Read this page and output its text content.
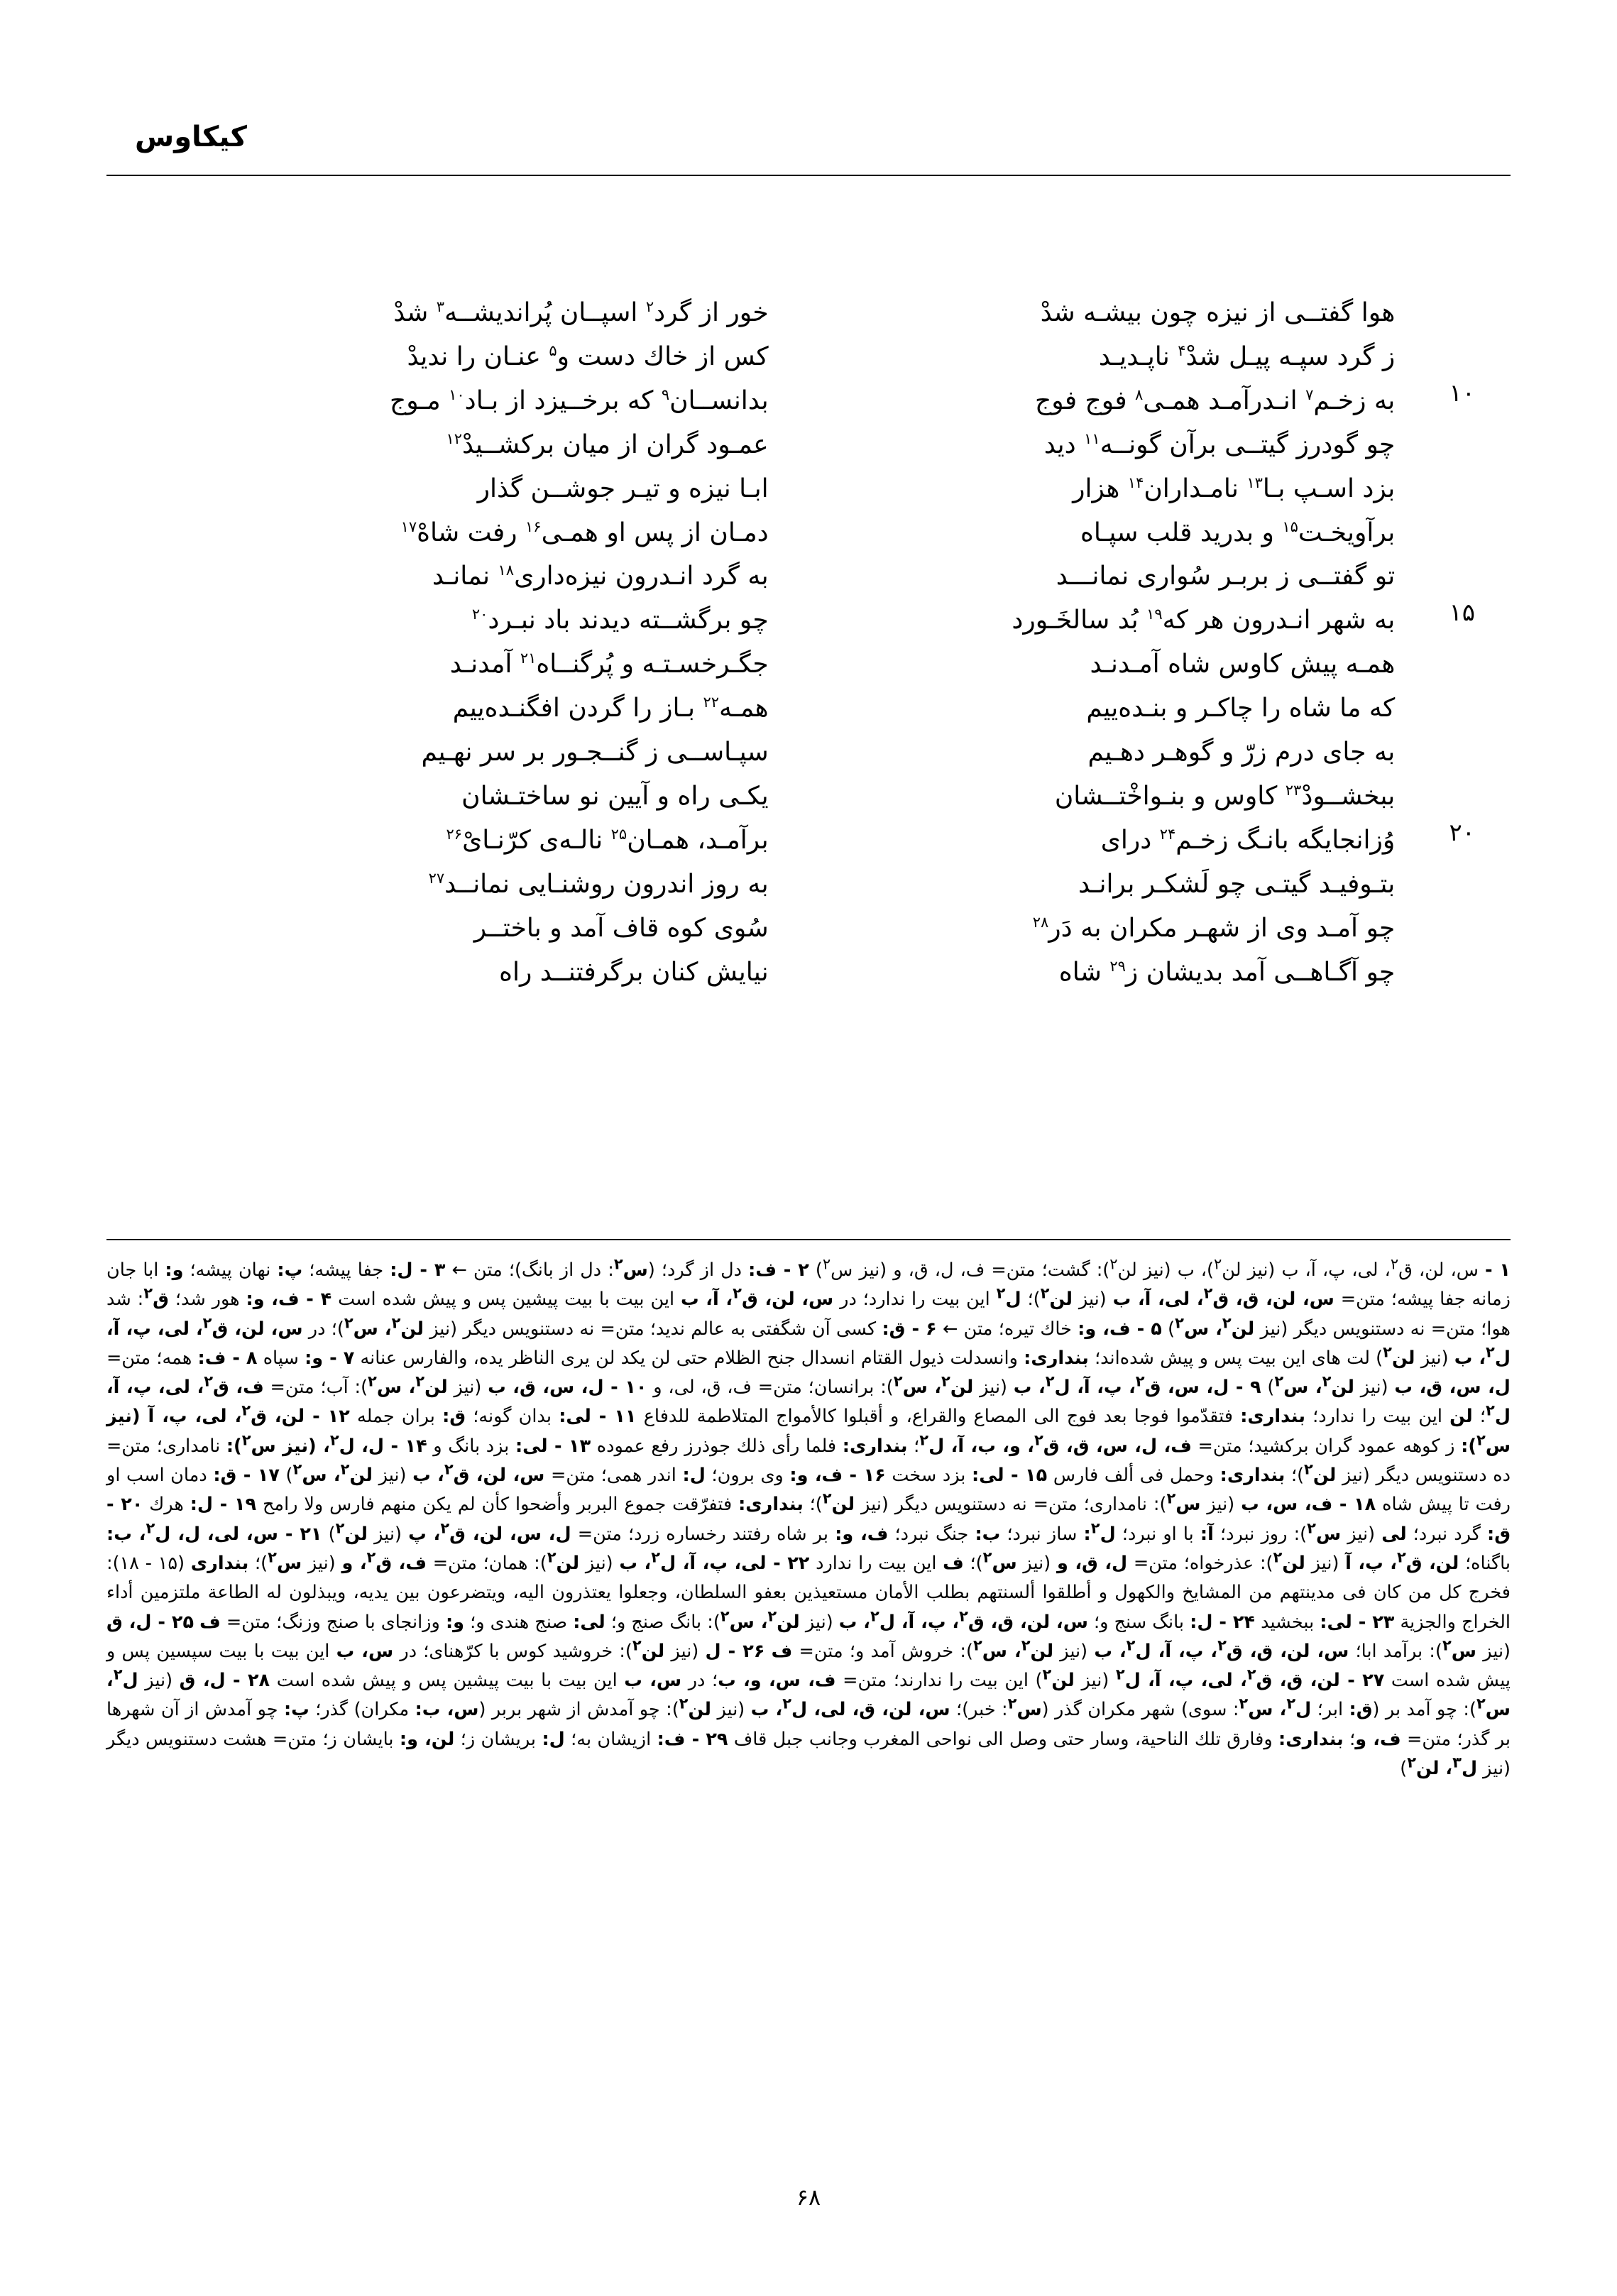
کیکاوس
	هوا گفتــی از نیزه چون بیشـه شدْ	خور از گرد$^۲$ اسپــان پُراندیشــه$^۳$ شدْ
	ز گرد سپـه پیـل شدْ$^۴$ ناپـدیـد	کس از خاك دست و$^۵$ عنـان را ندیدْ
۱۰	به زخـم$^۷$ انـدرآمـد همـی$^۸$ فوج فوج	بدانســان$^۹$ که برخــیزد از بـاد$^{۱۰}$ مـوج
	چو گودرز گیتــی برآن گونــه$^{۱۱}$ دید	عمـود گران از میان برکشــیدْ$^{۱۲}$
	بزد اسـپ بـا$^{۱۳}$ نامـداران$^{۱۴}$ هزار	ابـا نیزه و تیـر جوشــن گذار
	برآویخـت$^{۱۵}$ و بدرید قلب سپـاه	دمـان از پس او همـی$^{۱۶}$ رفت شاهْ$^{۱۷}$
	تو گفتــی ز بربـر سُواری نمانـــد	به گرد انـدرون نیزه‌داری$^{۱۸}$ نمانـد
۱۵	به شهر انـدرون هر که$^{۱۹}$ بُد سالخَـورد	چو برگشــته دیدند باد نبـرد$^{۲۰}$
	همـه پیش کاوس شاه آمـدنـد	جگـرخسـتـه و پُرگنــاه$^{۲۱}$ آمدنـد
	که ما شاه را چاکـر و بنـده‌ییم	همـه$^{۲۲}$ بـاز را گردن افگنـده‌ییم
	به جای درم زرّ و گوهـر دهـیم	سپـاســی ز گنــجـور بر سر نهـیم
	ببخشــودْ$^{۲۳}$ کاوس و بنـواخْتــشان	یکـی راه و آیین نو ساختـشان
۲۰	وُزانجایگه بانـگ زخـم$^{۲۴}$ درای	برآمـد، همـان$^{۲۵}$ نالـه‌ی کرّنـایْ$^{۲۶}$
	بتـوفیـد گیتـی چو لَشکـر برانـد	به روز اندرون روشنـایی نمانــد$^{۲۷}$
	چو آمـد وی از شهـر مکران به دَر$^{۲۸}$	سُوی کوه قاف آمد و باختــر
	چو آگـاهــی آمد بدیشان ز$^{۲۹}$ شاه	نیایش کنان برگرفتنــد راه
۱ - س، لن، ق$^۲$، لی، پ، آ، ب (نیز لن$^۲$)، ب (نیز لن$^۲$): گشت؛ متن= ف، ل، ق، و (نیز س$^۲$) ۲ - ف: دل از گرد؛ (س$^۲$: دل از بانگ)؛ متن ← ۳ - ل: جفا پیشه؛ پ: نهان پیشه؛ و: ابا جان زمانه جفا پیشه؛ متن= س، لن، ق، ق$^۲$، لی، آ، ب (نیز لن$^۲$)؛ ل$^۲$ این بیت را ندارد؛ در س، لن، ق$^۲$، آ، ب این بیت با بیت پیشین پس و پیش شده است ۴ - ف، و: هور شد؛ ق$^۲$: شد هوا؛ متن= نه دستنویس دیگر (نیز لن$^۲$، س$^۲$) ۵ - ف، و: خاك تیره؛ متن ← ۶ - ق: کسی آن شگفتی به عالم ندید؛ متن= نه دستنویس دیگر (نیز لن$^۲$، س$^۲$)؛ در س، لن، ق$^۲$، لی، پ، آ، ل$^۲$، ب (نیز لن$^۲$) لت های این بیت پس و پیش شده‌اند؛ بنداری: وانسدلت ذیول القتام انسدال جنح الظلام حتی لن یكد لن یری الناظر یده، والفارس عنانه ۷ - و: سپاه ۸ - ف: همه؛ متن= ل، س، ق، ب (نیز لن$^۲$، س$^۲$) ۹ - ل، س، ق$^۲$، پ، آ، ل$^۲$، ب (نیز لن$^۲$، س$^۲$): برانسان؛ متن= ف، ق، لی، و ۱۰ - ل، س، ق، ب (نیز لن$^۲$، س$^۲$): آب؛ متن= ف، ق$^۲$، لی، پ، آ، ل$^۲$؛ لن این بیت را ندارد؛ بنداری: فتقدّموا فوجا بعد فوج الی المصاع والقراع، و أقبلوا كالأمواج المتلاطمة للدفاع ۱۱ - لی: بدان گونه؛ ق: بران جمله ۱۲ - لن، ق$^۲$، لی، پ، آ (نیز س$^۲$): ز کوهه عمود گران برکشید؛ متن= ف، ل، س، ق، ق$^۲$، و، ب، آ، ل$^۲$؛ بنداری: فلما رأی ذلك جوذرز رفع عموده ۱۳ - لی: بزد بانگ و ۱۴ - ل، ل$^۲$، (نیز س$^۲$): نامداری؛ متن= ده دستنویس دیگر (نیز لن$^۲$)؛ بنداری: وحمل فی ألف فارس ۱۵ - لی: بزد سخت ۱۶ - ف، و: وی برون؛ ل: اندر همی؛ متن= س، لن، ق$^۲$، ب (نیز لن$^۲$، س$^۲$) ۱۷ - ق: دمان اسب او رفت تا پیش شاه ۱۸ - ف، س، ب (نیز س$^۲$): نامداری؛ متن= نه دستنویس دیگر (نیز لن$^۲$)؛ بنداری: فتفرّقت جموع البربر وأضحوا كأن لم یكن منهم فارس ولا رامح ۱۹ - ل: هرك ۲۰ - ق: گرد نبرد؛ لی (نیز س$^۲$): روز نبرد؛ آ: با او نبرد؛ ل$^۲$: ساز نبرد؛ ب: جنگ نبرد؛ ف، و: بر شاه رفتند رخساره زرد؛ متن= ل، س، لن، ق$^۲$، پ (نیز لن$^۲$) ۲۱ - س، لی، ل، ل$^۲$، ب: باگناه؛ لن، ق$^۲$، پ، آ (نیز لن$^۲$): عذرخواه؛ متن= ل، ق، و (نیز س$^۲$)؛ ف این بیت را ندارد ۲۲ - لی، پ، آ، ل$^۲$، ب (نیز لن$^۲$): همان؛ متن= ف، ق$^۲$، و (نیز س$^۲$)؛ بنداری (۱۵ - ۱۸): فخرج كل من كان فی مدینتهم من المشایخ والكهول و أطلقوا ألسنتهم بطلب الأمان مستعیذین بعفو السلطان، وجعلوا یعتذرون الیه، ویتضرعون بین یدیه، ویبذلون له الطاعة ملتزمین أداء الخراج والجزیة ۲۳ - لی: ببخشید ۲۴ - ل: بانگ سنج و؛ س، لن، ق، ق$^۲$، پ، آ، ل$^۲$، ب (نیز لن$^۲$، س$^۲$): بانگ صنج و؛ لی: صنج هندی و؛ و: وزانجای با صنج وزنگ؛ متن= ف ۲۵ - ل، ق (نیز س$^۲$): برآمد ابا؛ س، لن، ق، ق$^۲$، پ، آ، ل$^۲$، ب (نیز لن$^۲$، س$^۲$): خروش آمد و؛ متن= ف ۲۶ - ل (نیز لن$^۲$): خروشید كوس با كرّهنای؛ در س، ب این بیت با بیت سپسین پس و پیش شده است ۲۷ - لن، ق، ق$^۲$، لی، پ، آ، ل$^۲$ (نیز لن$^۲$) این بیت را ندارند؛ متن= ف، س، و، ب؛ در س، ب این بیت با بیت پیشین پس و پیش شده است ۲۸ - ل، ق (نیز ل$^۲$، س$^۲$): چو آمد بر (ق: ابر؛ ل$^۲$، س$^۲$: سوی) شهر مكران گذر (س$^۲$: خبر)؛ س، لن، ق، لی، ل$^۲$، ب (نیز لن$^۲$): چو آمدش از شهر بربر (س، ب: مكران) گذر؛ پ: چو آمدش از آن شهرها بر گذر؛ متن= ف، و؛ بنداری: وفارق تلك الناحیة، وسار حتی وصل الی نواحی المغرب وجانب جبل قاف ۲۹ - ف: ازیشان به؛ ل: بریشان ز؛ لن، و: بایشان ز؛ متن= هشت دستنویس دیگر (نیز ل$^۳$، لن$^۲$)
۶۸
